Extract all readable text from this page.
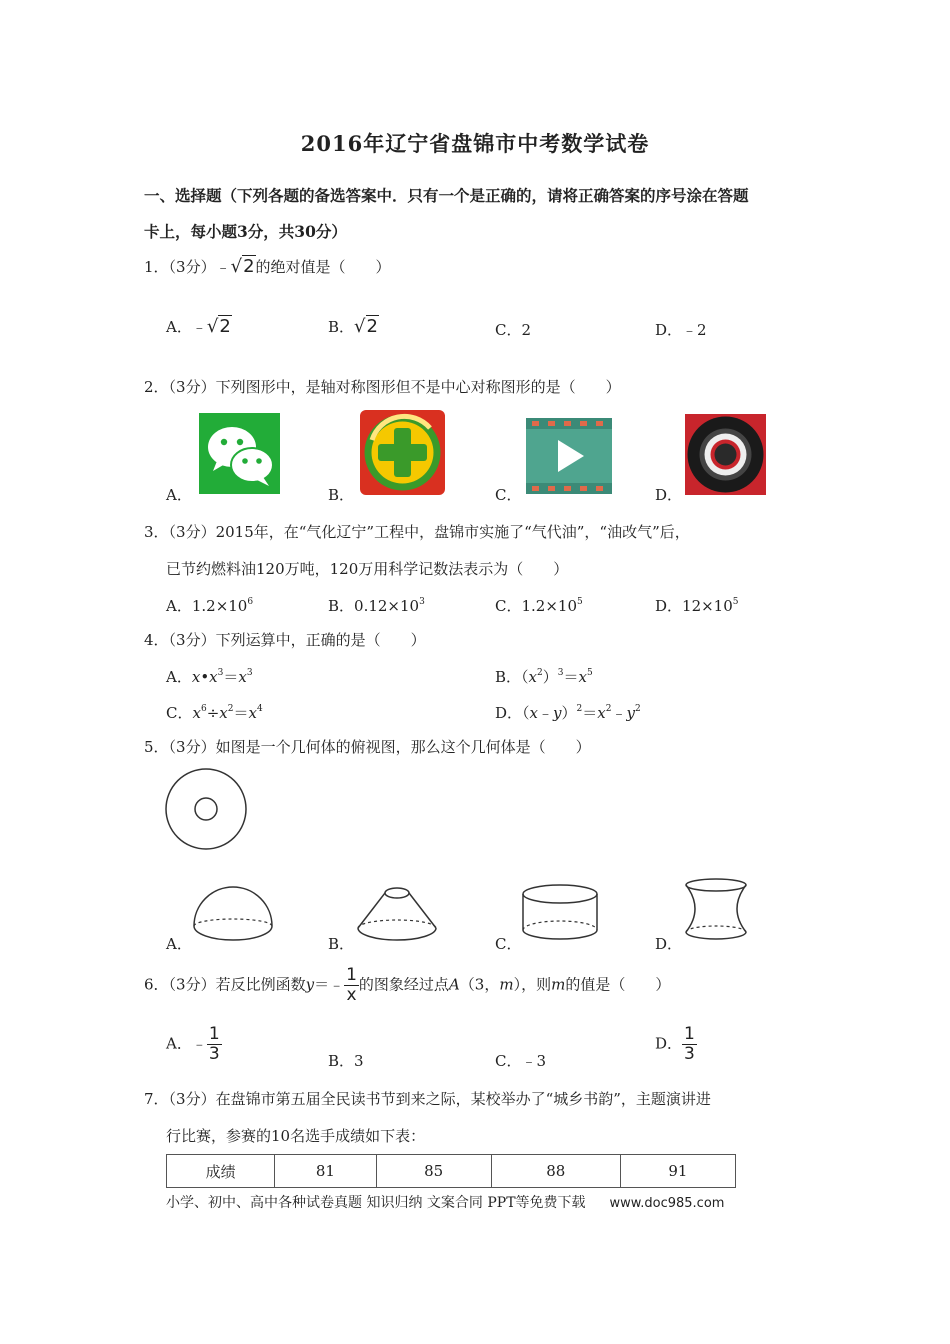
2016年辽宁省盘锦市中考数学试卷
一、选择题（下列各题的备选答案中．只有一个是正确的，请将正确答案的序号涂在答题
卡上，每小题3分，共30分）
1．（3分）﹣√2的绝对值是（　　）
A．﹣√2	B．√2	C．2	D．﹣2
2．（3分）下列图形中，是轴对称图形但不是中心对称图形的是（　　）
A．	B．	C．	D．
3．（3分）2015年，在“气化辽宁”工程中，盘锦市实施了“气代油”，“油改气”后，
已节约燃料油120万吨，120万用科学记数法表示为（　　）
A．$1.2\times 10^6$	B．$0.12\times 10^3$	C．$1.2\times 10^5$	D．$12\times 10^5$
4．（3分）下列运算中，正确的是（　　）
A．$x•x^3=x^3$	B．$(x^2)^3=x^5$
C．$x^6\div x^2=x^4$	D．$(x﹣y)^2=x^2﹣y^2$
5．（3分）如图是一个几何体的俯视图，那么这个几何体是（　　）
A．	B．	C．	D．
6．（3分）若反比例函数y＝﹣ $\frac{1}{x}$ 的图象经过点A（3，m），则m的值是（　　）
A．﹣ $\frac{1}{3}$	B．3	C．﹣3
D． $\frac{1}{3}$
7．（3分）在盘锦市第五届全民读书节到来之际，某校举办了“城乡书韵”，主题演讲进
行比赛，参赛的10名选手成绩如下表：
成绩	81	85	88	91
小学、初中、高中各种试卷真题 知识归纳 文案合同 PPT等免费下载 www.doc985.com
